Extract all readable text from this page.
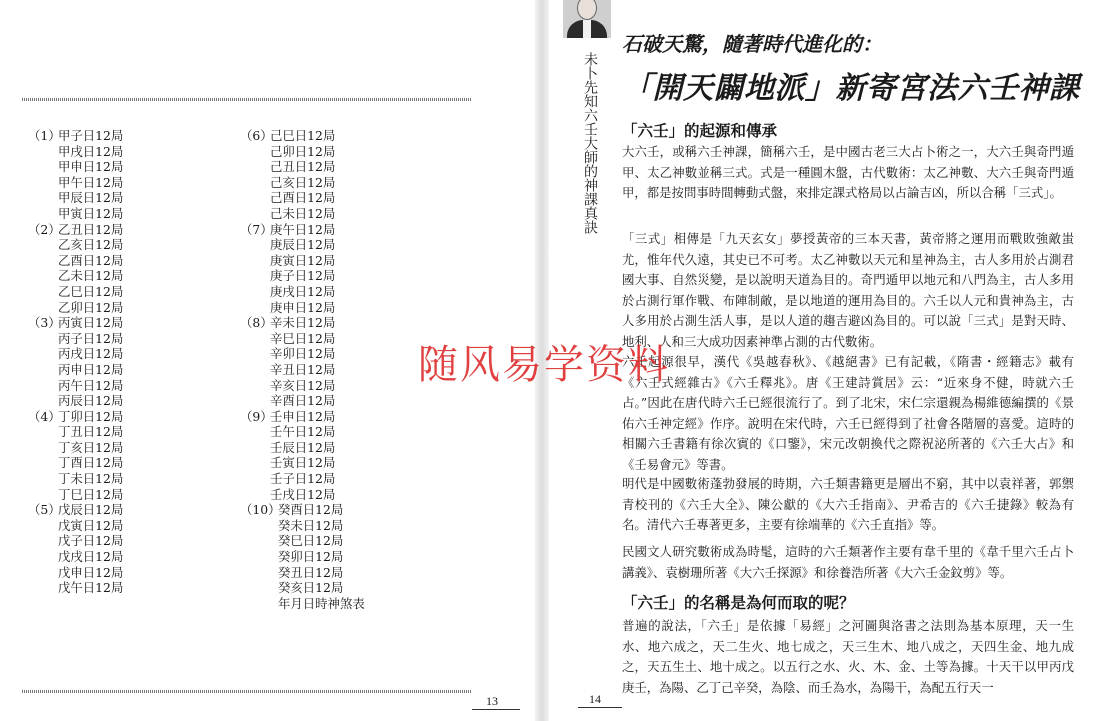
（1）
甲子日12局
甲戌日12局
甲申日12局
甲午日12局
甲辰日12局
甲寅日12局
（2）
乙丑日12局
乙亥日12局
乙酉日12局
乙未日12局
乙巳日12局
乙卯日12局
（3）
丙寅日12局
丙子日12局
丙戌日12局
丙申日12局
丙午日12局
丙辰日12局
（4）
丁卯日12局
丁丑日12局
丁亥日12局
丁酉日12局
丁未日12局
丁巳日12局
（5）
戊辰日12局
戊寅日12局
戊子日12局
戊戌日12局
戊申日12局
戊午日12局
（6）
己巳日12局
己卯日12局
己丑日12局
己亥日12局
己酉日12局
己未日12局
（7）
庚午日12局
庚辰日12局
庚寅日12局
庚子日12局
庚戌日12局
庚申日12局
（8）
辛未日12局
辛巳日12局
辛卯日12局
辛丑日12局
辛亥日12局
辛酉日12局
（9）
壬申日12局
壬午日12局
壬辰日12局
壬寅日12局
壬子日12局
壬戌日12局
（10）
癸酉日12局
癸未日12局
癸巳日12局
癸卯日12局
癸丑日12局
癸亥日12局
年月日時神煞表
13
未卜先知六壬大師的神課真訣
石破天驚，隨著時代進化的：
「開天闢地派」新寄宮法六壬神課
「六壬」的起源和傳承
大六壬，或稱六壬神課，簡稱六壬，是中國古老三大占卜術之一，大六壬與奇門遁甲、太乙神數並稱三式。式是一種圓木盤，古代數術：太乙神數、大六壬與奇門遁甲，都是按問事時間轉動式盤，來排定課式格局以占論吉凶，所以合稱「三式」。
「三式」相傳是「九天玄女」夢授黃帝的三本天書，黃帝將之運用而戰敗強敵蚩尤，惟年代久遠，其史已不可考。太乙神數以天元和星神為主，古人多用於占測君國大事、自然災變，是以說明天道為目的。奇門遁甲以地元和八門為主，古人多用於占測行軍作戰、布陣制敵，是以地道的運用為目的。六壬以人元和貴神為主，古人多用於占測生活人事，是以人道的趨吉避凶為目的。可以說「三式」是對天時、地利、人和三大成功因素神準占測的古代數術。
六壬起源很早，漢代《吳越春秋》、《越絕書》已有記載，《隋書・經籍志》載有《六壬式經雜古》《六壬釋兆》。唐《王建詩賞居》云：“近來身不健，時就六壬占。”因此在唐代時六壬已經很流行了。到了北宋，宋仁宗還親為楊維德編撰的《景佑六壬神定經》作序。說明在宋代時，六壬已經得到了社會各階層的喜愛。這時的相關六壬書籍有徐次賓的《口鑒》，宋元改朝換代之際祝泌所著的《六壬大占》和《壬易會元》等書。
明代是中國數術蓬勃發展的時期，六壬類書籍更是層出不窮，其中以袁祥著，郭禦青校刊的《六壬大全》、陳公獻的《大六壬指南》、尹希吉的《六壬捷錄》較為有名。清代六壬專著更多，主要有徐端華的《六壬直指》等。
民國文人研究數術成為時髦，這時的六壬類著作主要有韋千里的《韋千里六壬占卜講義》、袁樹珊所著《大六壬探源》和徐養浩所著《大六壬金鈫剪》等。
「六壬」的名稱是為何而取的呢？
普遍的說法，「六壬」是依據「易經」之河圖與洛書之法則為基本原理，天一生水、地六成之，天二生火、地七成之，天三生木、地八成之，天四生金、地九成之，天五生土、地十成之。以五行之水、火、木、金、土等為據。十天干以甲丙戊庚壬，為陽、乙丁己辛癸，為陰、而壬為水，為陽干，為配五行天一
14
随风易学资料
